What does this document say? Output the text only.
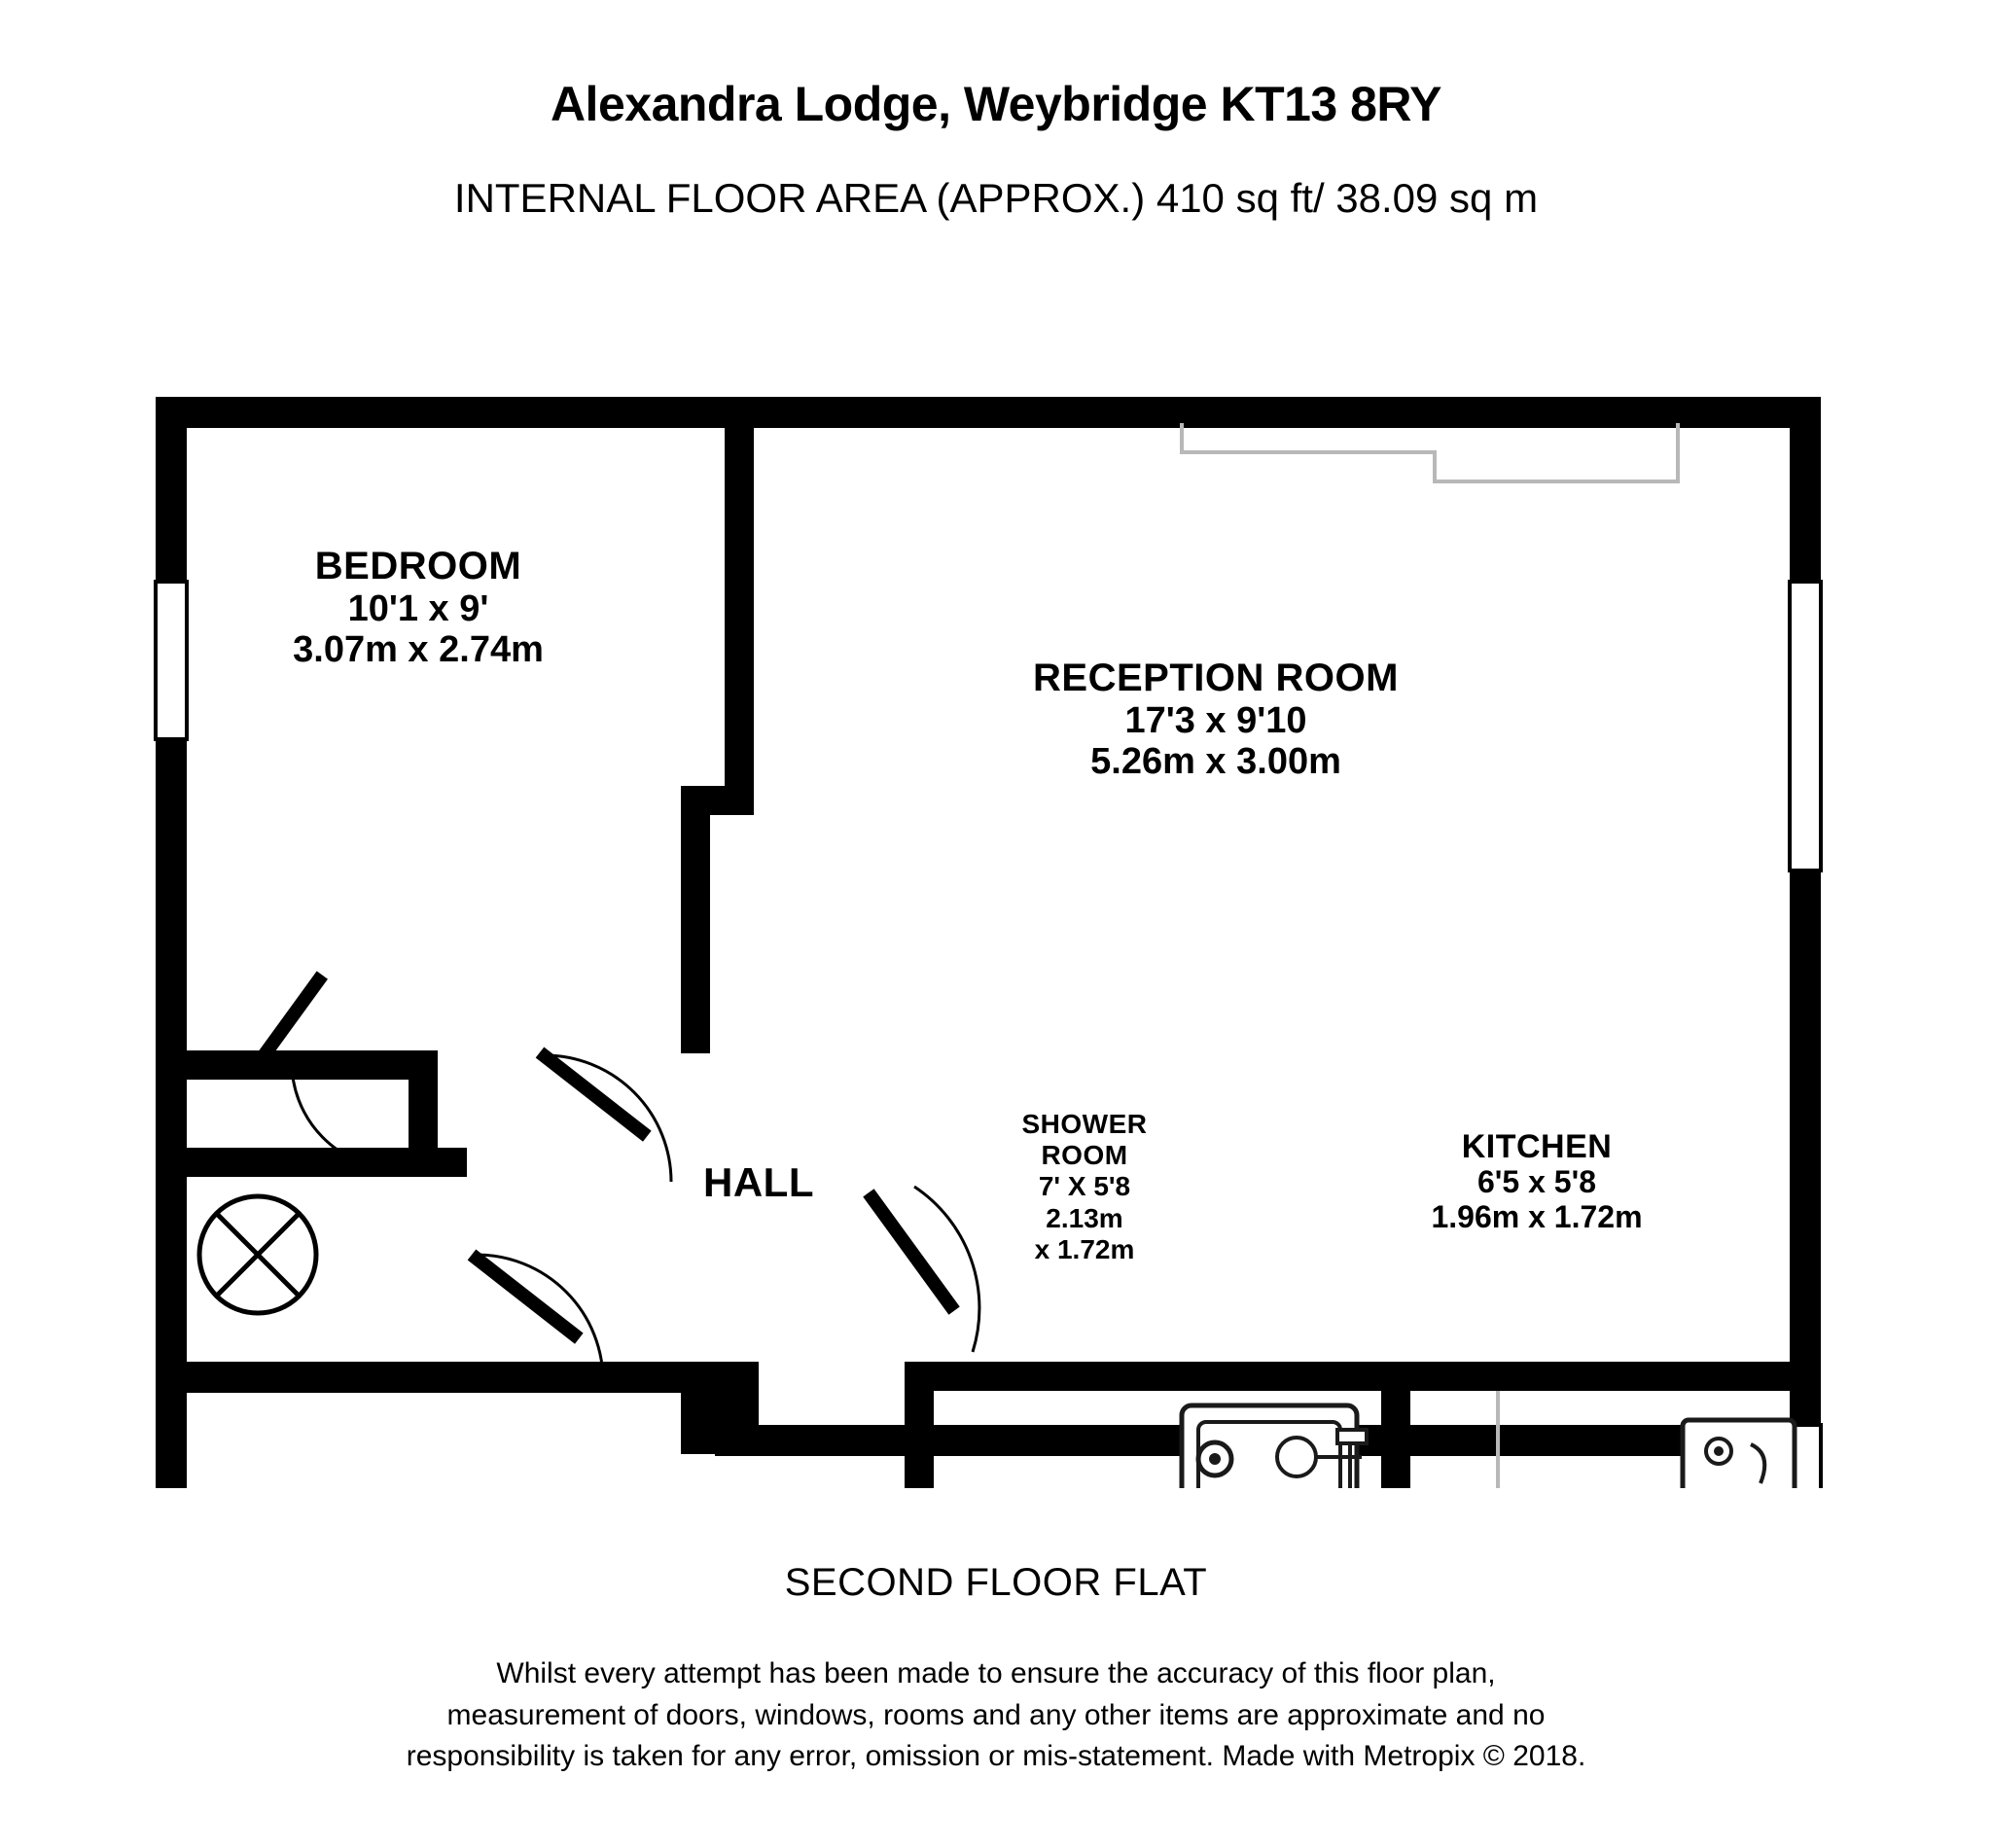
Alexandra Lodge, Weybridge KT13 8RY
INTERNAL FLOOR AREA (APPROX.) 410 sq ft/ 38.09 sq m
BEDROOM
10'1 x 9'
3.07m x 2.74m
RECEPTION ROOM
17'3 x 9'10
5.26m x 3.00m
HALL
SHOWER
ROOM
7' X 5'8
2.13m
x 1.72m
KITCHEN
6'5 x 5'8
1.96m x 1.72m
SECOND FLOOR FLAT
Whilst every attempt has been made to ensure the accuracy of this floor plan,
measurement of doors, windows, rooms and any other items are approximate and no
responsibility is taken for any error, omission or mis-statement. Made with Metropix © 2018.
